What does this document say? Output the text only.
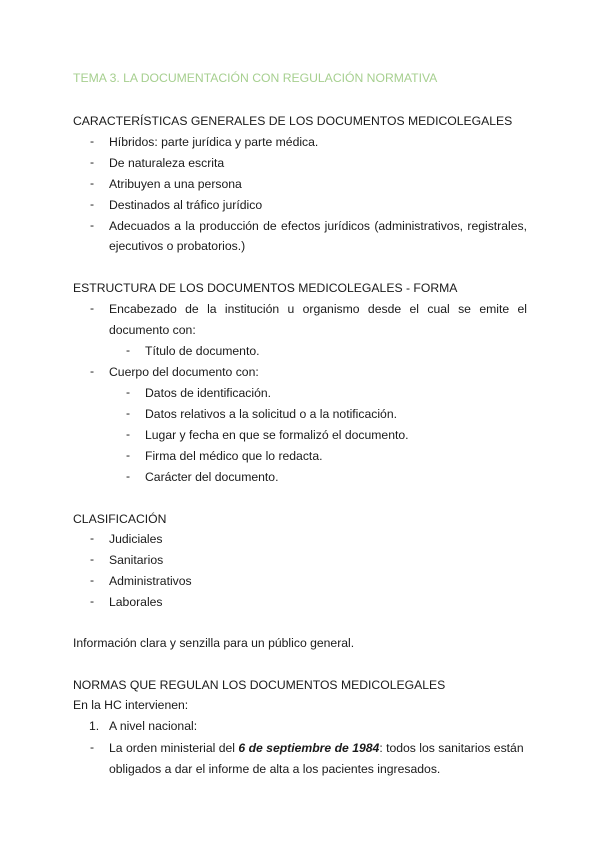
TEMA 3. LA DOCUMENTACIÓN CON REGULACIÓN NORMATIVA
CARACTERÍSTICAS GENERALES DE LOS DOCUMENTOS MEDICOLEGALES
- Híbridos: parte jurídica y parte médica.
- De naturaleza escrita
- Atribuyen a una persona
- Destinados al tráfico jurídico
- Adecuados a la producción de efectos jurídicos (administrativos, registrales,
ejecutivos o probatorios.)
ESTRUCTURA DE LOS DOCUMENTOS MEDICOLEGALES - FORMA
- Encabezado de la institución u organismo desde el cual se emite el
documento con:
- Título de documento.
- Cuerpo del documento con:
- Datos de identificación.
- Datos relativos a la solicitud o a la notificación.
- Lugar y fecha en que se formalizó el documento.
- Firma del médico que lo redacta.
- Carácter del documento.
CLASIFICACIÓN
- Judiciales
- Sanitarios
- Administrativos
- Laborales
Información clara y senzilla para un público general.
NORMAS QUE REGULAN LOS DOCUMENTOS MEDICOLEGALES
En la HC intervienen:
1. A nivel nacional:
- La orden ministerial del 6 de septiembre de 1984: todos los sanitarios están
obligados a dar el informe de alta a los pacientes ingresados.
